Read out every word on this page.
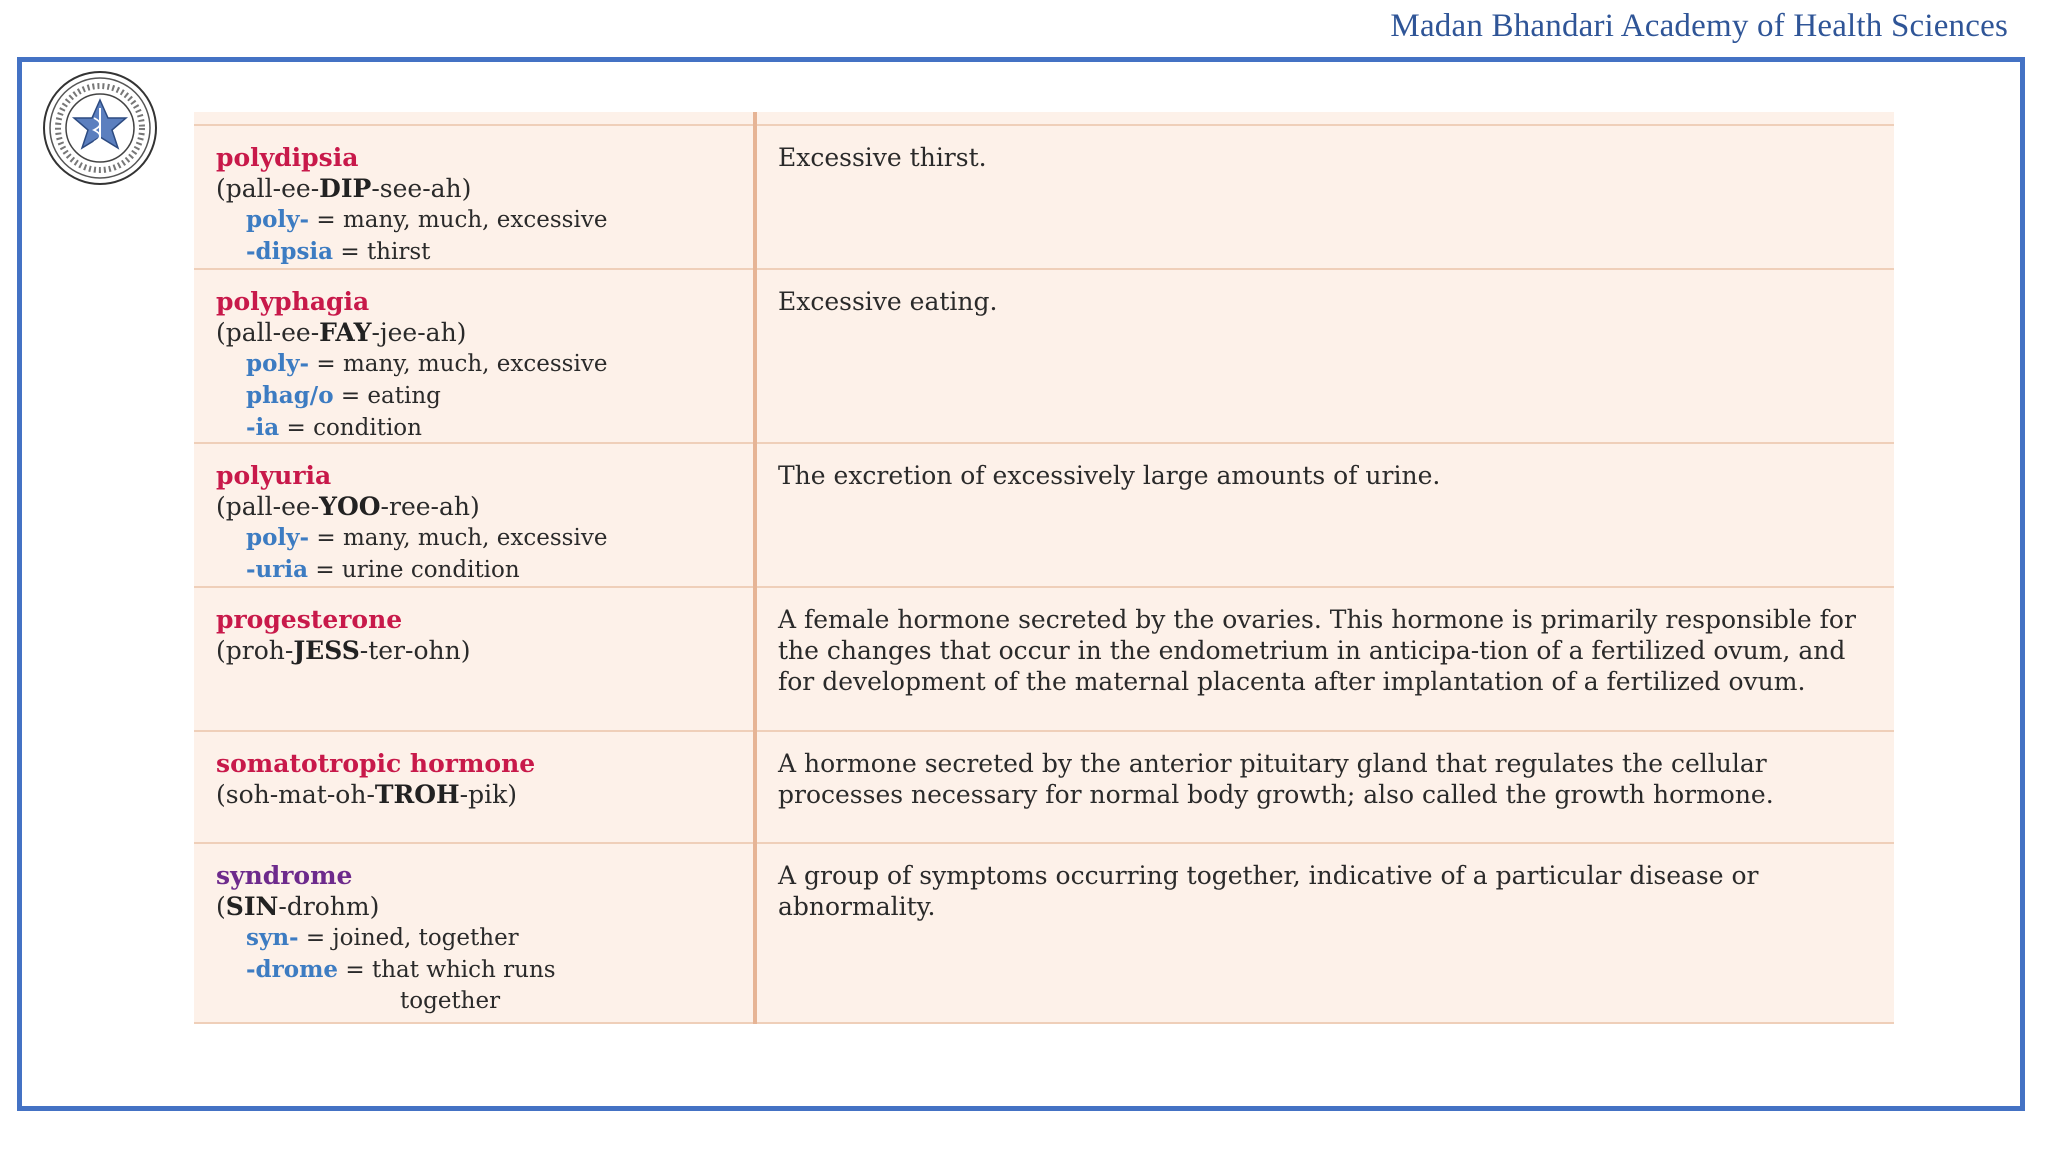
Madan Bhandari Academy of Health Sciences
polydipsia
(pall-ee-DIP-see-ah)
poly- = many, much, excessive
-dipsia = thirst
Excessive thirst.
polyphagia
(pall-ee-FAY-jee-ah)
poly- = many, much, excessive
phag/o = eating
-ia = condition
Excessive eating.
polyuria
(pall-ee-YOO-ree-ah)
poly- = many, much, excessive
-uria = urine condition
The excretion of excessively large amounts of urine.
progesterone
(proh-JESS-ter-ohn)
A female hormone secreted by the ovaries. This hormone is primarily responsible for the changes that occur in the endometrium in anticipa-tion of a fertilized ovum, and for development of the maternal placenta after implantation of a fertilized ovum.
somatotropic hormone
(soh-mat-oh-TROH-pik)
A hormone secreted by the anterior pituitary gland that regulates the cellular processes necessary for normal body growth; also called the growth hormone.
syndrome
(SIN-drohm)
syn- = joined, together
-drome = that which runs
together
A group of symptoms occurring together, indicative of a particular disease or abnormality.
